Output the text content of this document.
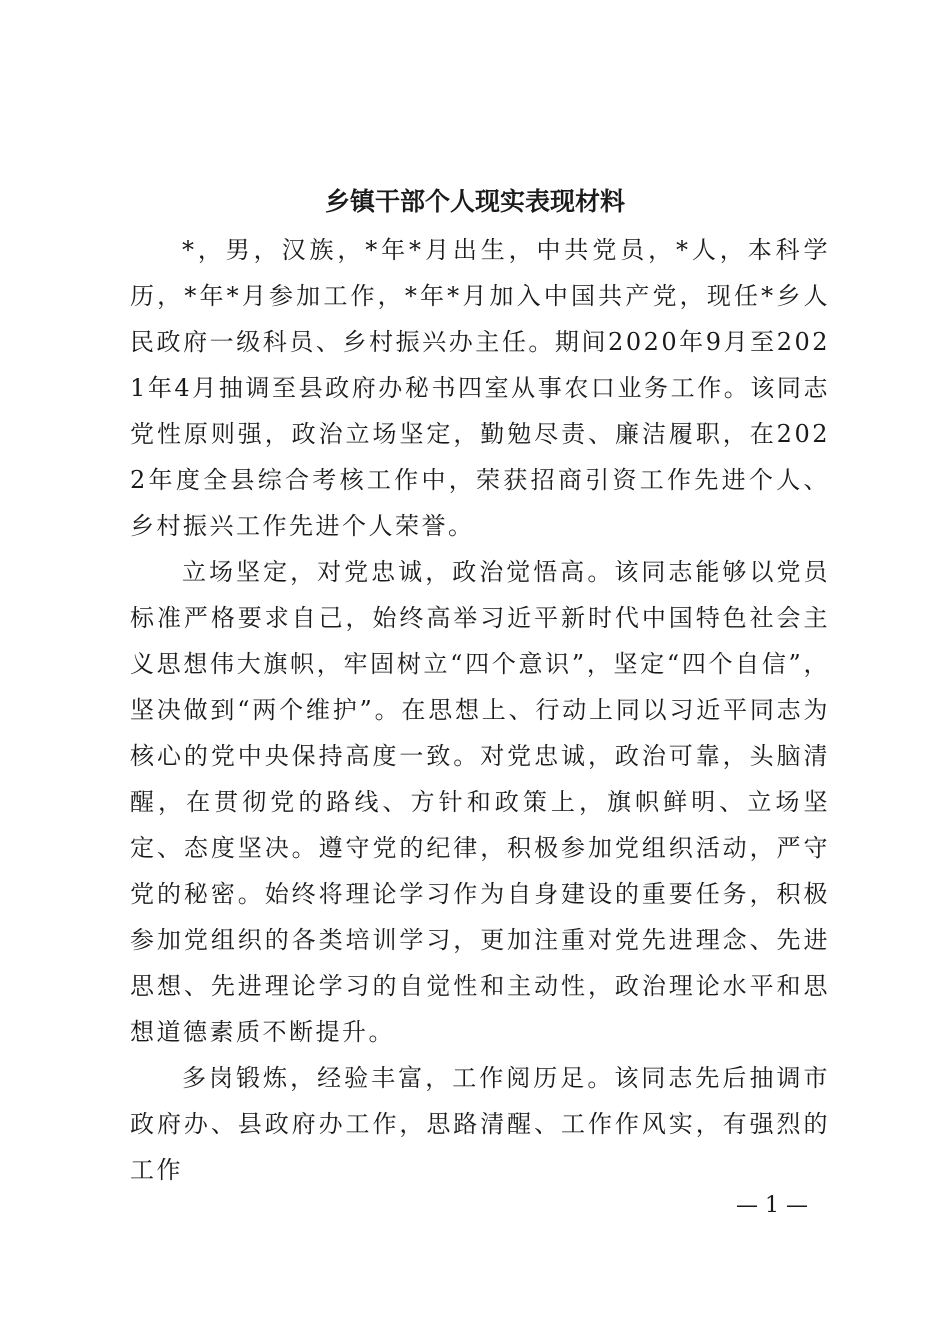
乡镇干部个人现实表现材料

*，男，汉族，*年*月出生，中共党员，*人，本科学历，*年*月参加工作，*年*月加入中国共产党，现任*乡人民政府一级科员、乡村振兴办主任。期间2020年9月至2021年4月抽调至县政府办秘书四室从事农口业务工作。该同志党性原则强，政治立场坚定，勤勉尽责、廉洁履职，在2022年度全县综合考核工作中，荣获招商引资工作先进个人、乡村振兴工作先进个人荣誉。

立场坚定，对党忠诚，政治觉悟高。该同志能够以党员标准严格要求自己，始终高举习近平新时代中国特色社会主义思想伟大旗帜，牢固树立“四个意识”，坚定“四个自信”，坚决做到“两个维护”。在思想上、行动上同以习近平同志为核心的党中央保持高度一致。对党忠诚，政治可靠，头脑清醒，在贯彻党的路线、方针和政策上，旗帜鲜明、立场坚定、态度坚决。遵守党的纪律，积极参加党组织活动，严守党的秘密。始终将理论学习作为自身建设的重要任务，积极参加党组织的各类培训学习，更加注重对党先进理念、先进思想、先进理论学习的自觉性和主动性，政治理论水平和思想道德素质不断提升。

多岗锻炼，经验丰富，工作阅历足。该同志先后抽调市政府办、县政府办工作，思路清醒、工作作风实，有强烈的工作

— 1 —
